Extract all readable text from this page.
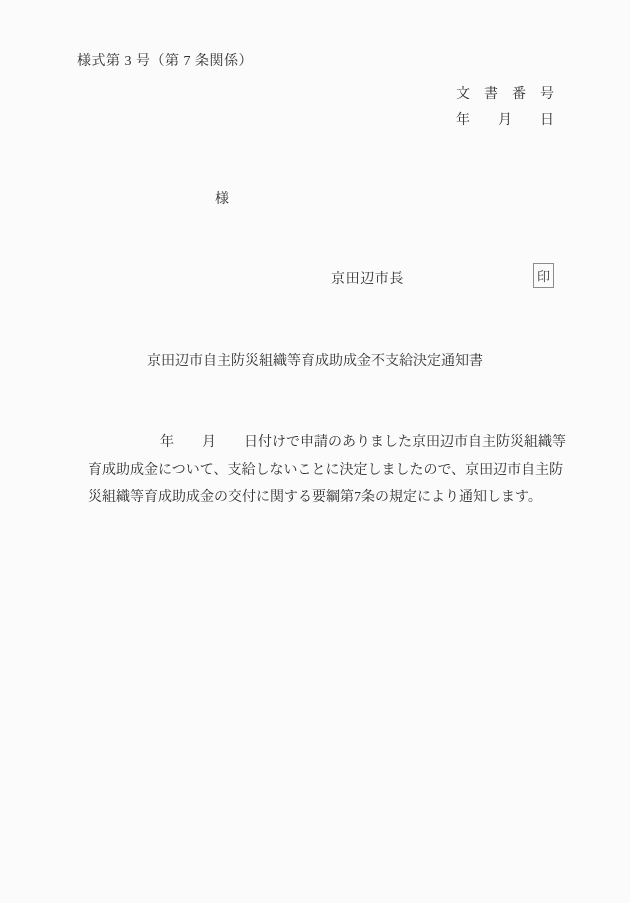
様式第 3 号（第 7 条関係）
文　書　番　号
年　　月　　日
様
京田辺市長	印
京田辺市自主防災組織等育成助成金不支給決定通知書
年　　月　　日付けで申請のありました京田辺市自主防災組織等
育成助成金について、支給しないことに決定しましたので、京田辺市自主防
災組織等育成助成金の交付に関する要綱第7条の規定により通知します。
